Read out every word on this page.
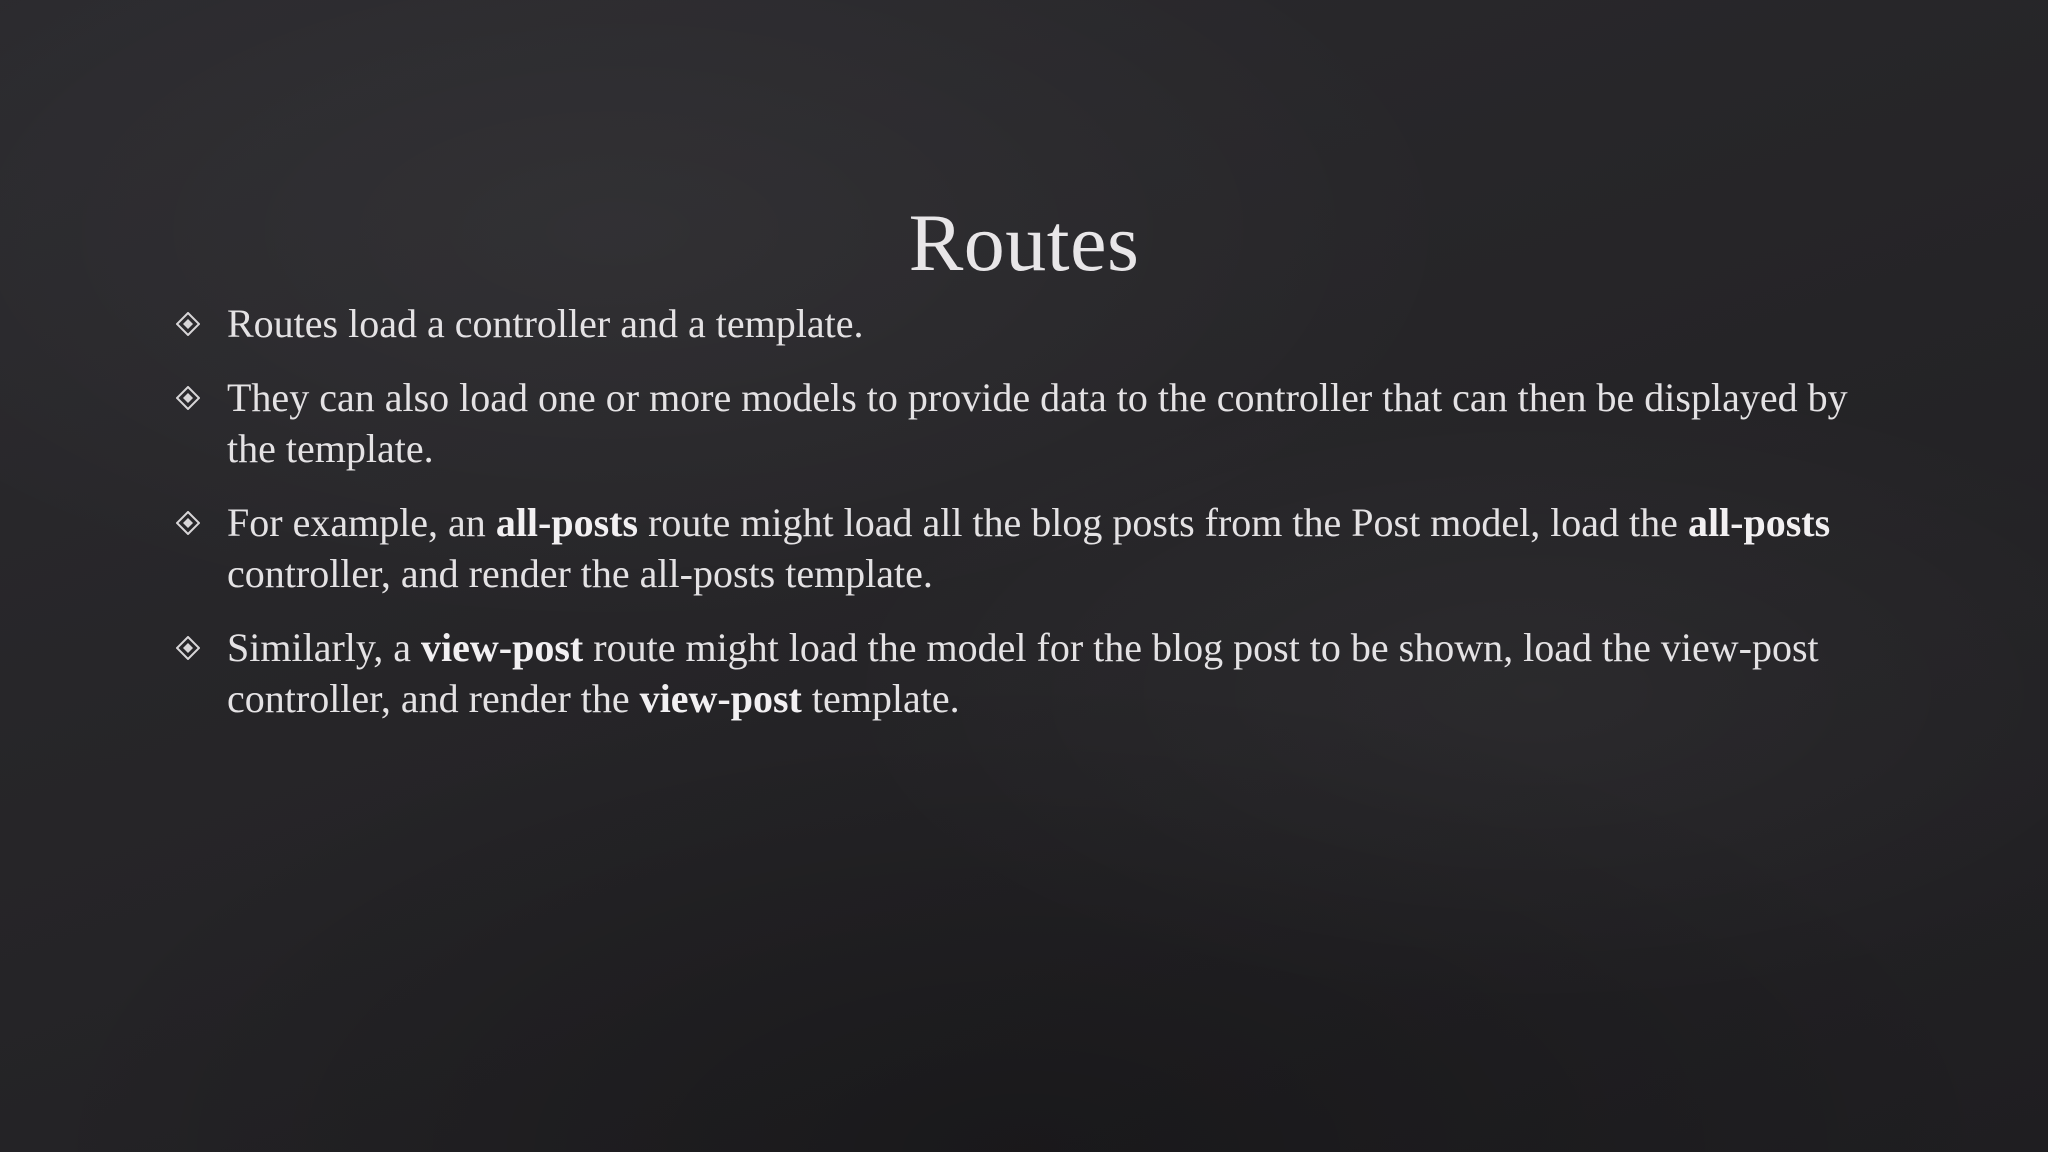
Routes
Routes load a controller and a template.
They can also load one or more models to provide data to the controller that can then be displayed by the template.
For example, an all-posts route might load all the blog posts from the Post model, load the all-posts controller, and render the all-posts template.
Similarly, a view-post route might load the model for the blog post to be shown, load the view-post controller, and render the view-post template.
